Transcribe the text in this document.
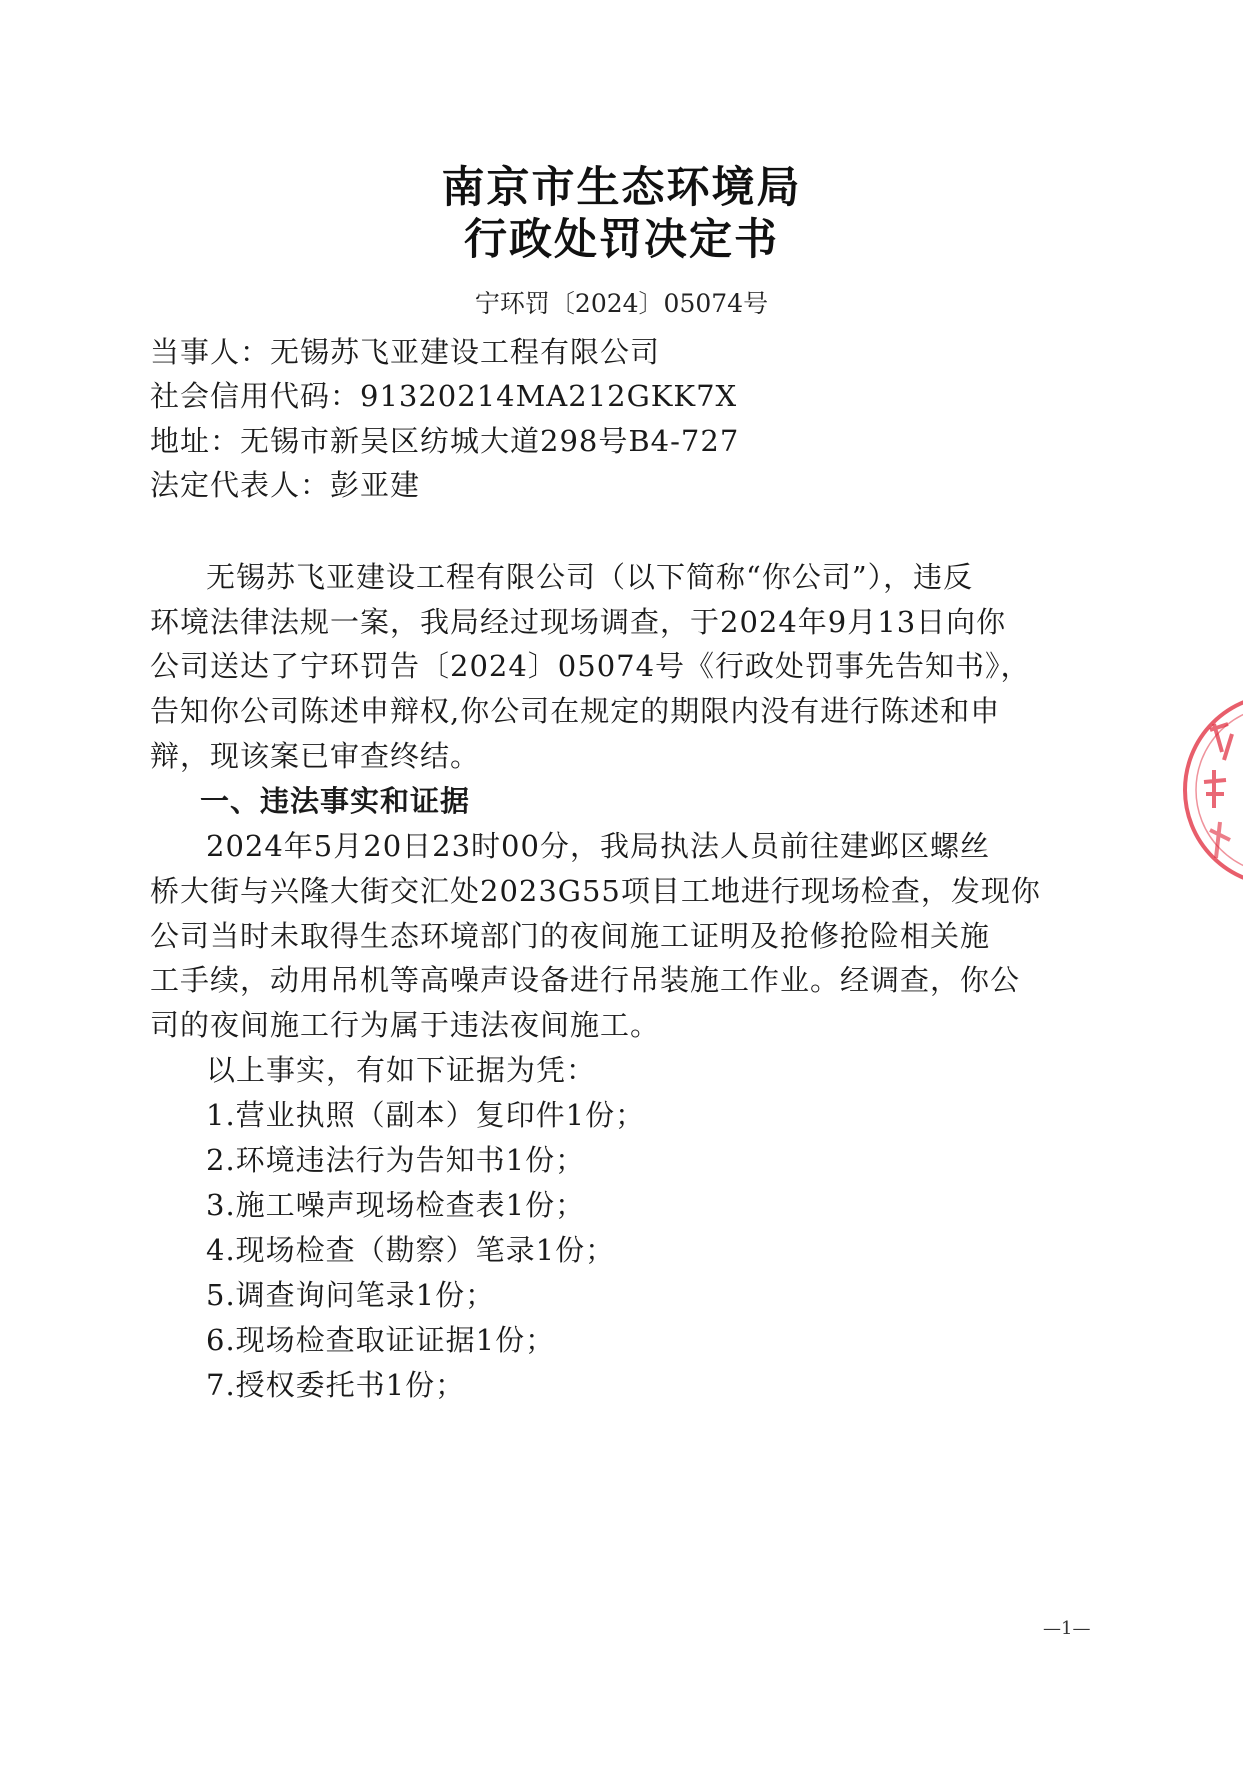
南京市生态环境局
行政处罚决定书
宁环罚〔2024〕05074号
当事人：无锡苏飞亚建设工程有限公司
社会信用代码：91320214MA212GKK7X
地址：无锡市新吴区纺城大道298号B4-727
法定代表人：彭亚建
无锡苏飞亚建设工程有限公司（以下简称“你公司”），违反
环境法律法规一案，我局经过现场调查，于2024年9月13日向你
公司送达了宁环罚告〔2024〕05074号《行政处罚事先告知书》，
告知你公司陈述申辩权,你公司在规定的期限内没有进行陈述和申
辩，现该案已审查终结。
一、违法事实和证据
2024年5月20日23时00分，我局执法人员前往建邺区螺丝
桥大街与兴隆大街交汇处2023G55项目工地进行现场检查，发现你
公司当时未取得生态环境部门的夜间施工证明及抢修抢险相关施
工手续，动用吊机等高噪声设备进行吊装施工作业。经调查，你公
司的夜间施工行为属于违法夜间施工。
以上事实，有如下证据为凭：
1.营业执照（副本）复印件1份；
2.环境违法行为告知书1份；
3.施工噪声现场检查表1份；
4.现场检查（勘察）笔录1份；
5.调查询问笔录1份；
6.现场检查取证证据1份；
7.授权委托书1份；
—1—
